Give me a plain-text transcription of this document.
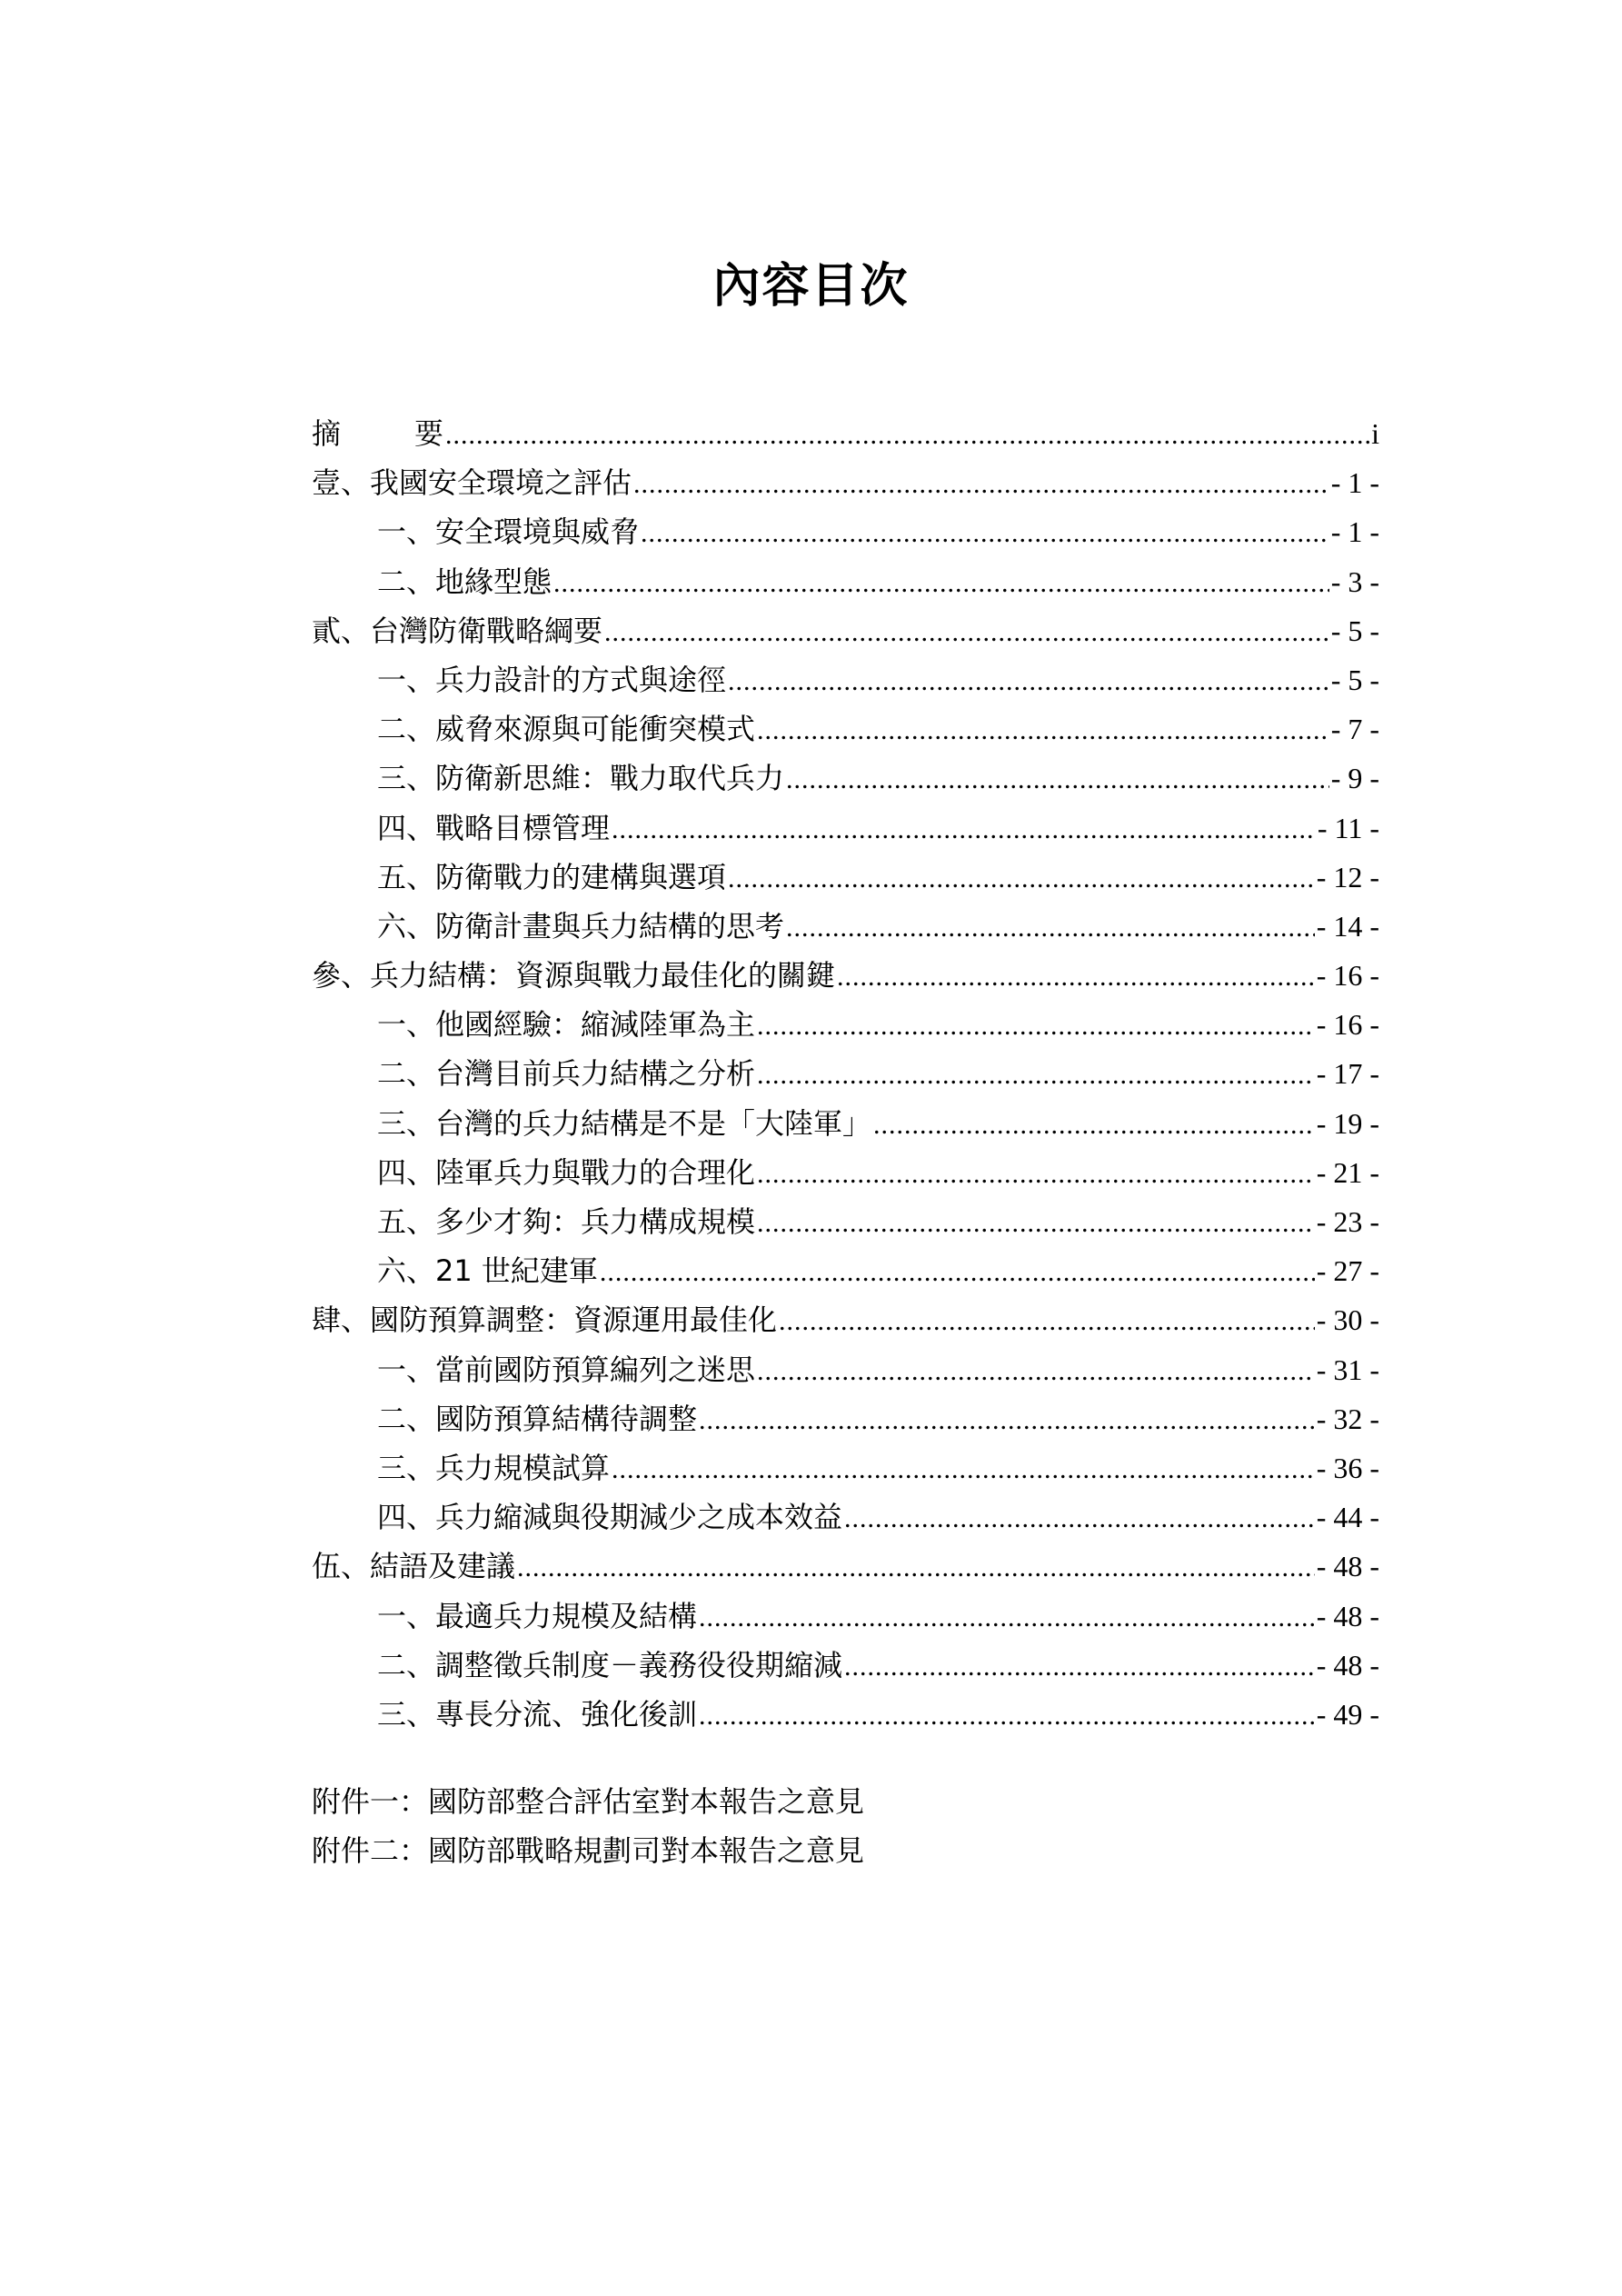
內容目次
摘	要 .....	i
壹、我國安全環境之評估 .....	- 1 -
一、安全環境與威脅 .....	- 1 -
二、地緣型態 .....	- 3 -
貳、台灣防衛戰略綱要 .....	- 5 -
一、兵力設計的方式與途徑 .....	- 5 -
二、威脅來源與可能衝突模式 .....	- 7 -
三、防衛新思維：戰力取代兵力 .....	- 9 -
四、戰略目標管理 .....	- 11 -
五、防衛戰力的建構與選項 .....	- 12 -
六、防衛計畫與兵力結構的思考 .....	- 14 -
參、兵力結構：資源與戰力最佳化的關鍵 .....	- 16 -
一、他國經驗：縮減陸軍為主 .....	- 16 -
二、台灣目前兵力結構之分析 .....	- 17 -
三、台灣的兵力結構是不是「大陸軍」 .....	- 19 -
四、陸軍兵力與戰力的合理化 .....	- 21 -
五、多少才夠：兵力構成規模 .....	- 23 -
六、21 世紀建軍 .....	- 27 -
肆、國防預算調整：資源運用最佳化 .....	- 30 -
一、當前國防預算編列之迷思 .....	- 31 -
二、國防預算結構待調整 .....	- 32 -
三、兵力規模試算 .....	- 36 -
四、兵力縮減與役期減少之成本效益 .....	- 44 -
伍、結語及建議 .....	- 48 -
一、最適兵力規模及結構 .....	- 48 -
二、調整徵兵制度－義務役役期縮減 .....	- 48 -
三、專長分流、強化後訓 .....	- 49 -
附件一：國防部整合評估室對本報告之意見
附件二：國防部戰略規劃司對本報告之意見
